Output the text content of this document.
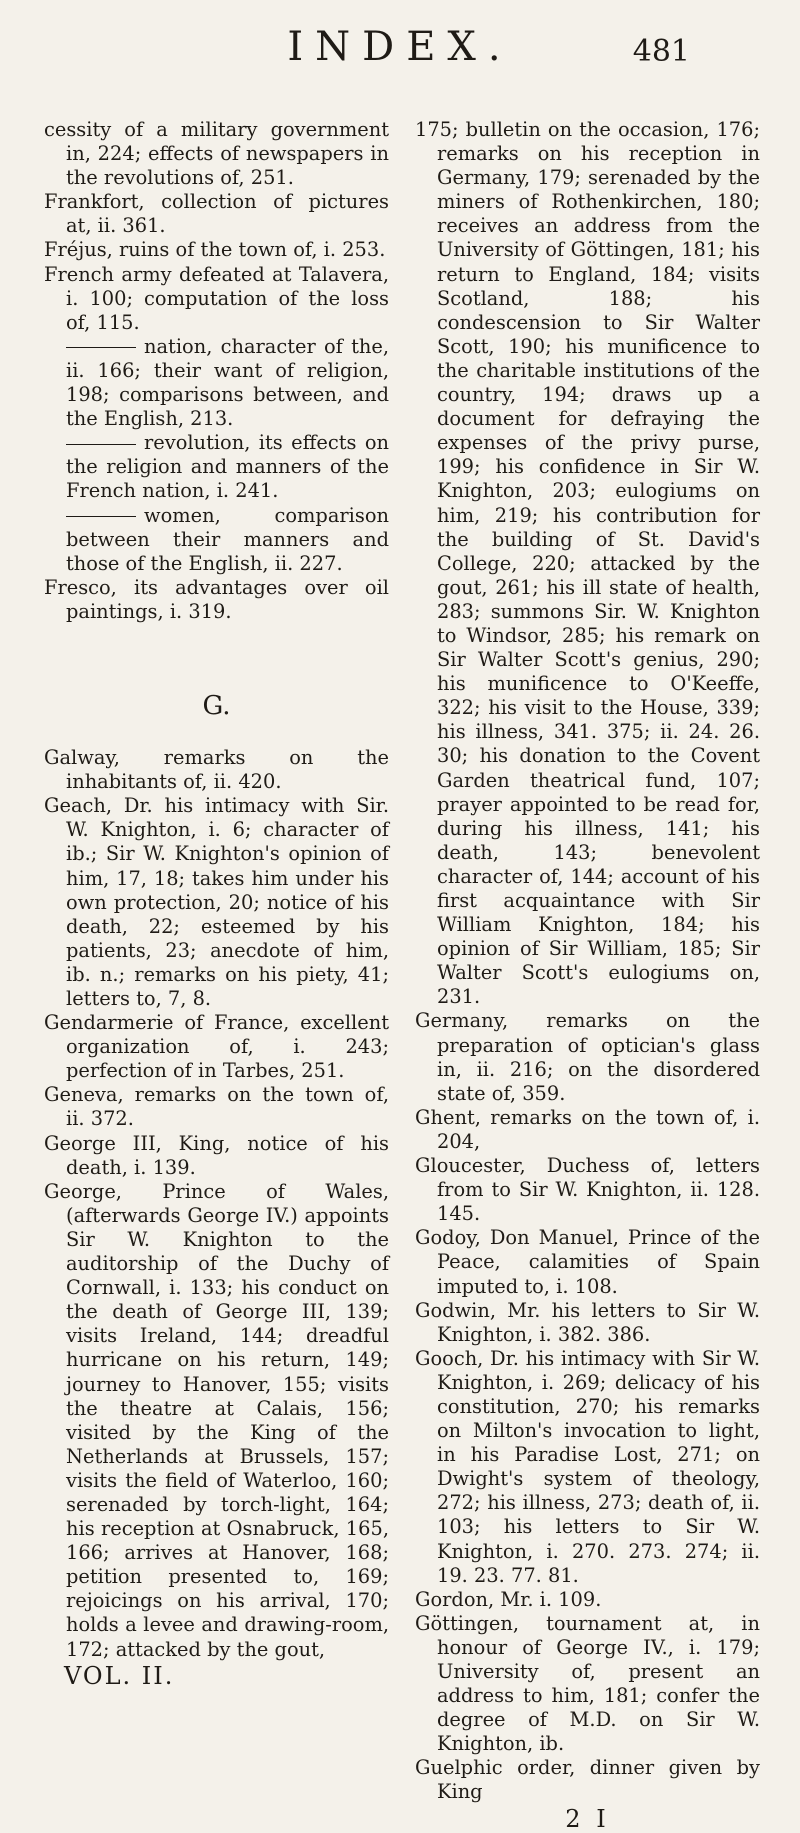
INDEX.	481

cessity of a military government in, 224; effects of newspapers in the revolutions of, 251.

Frankfort, collection of pictures at, ii. 361.

Fréjus, ruins of the town of, i. 253.

French army defeated at Talavera, i. 100; computation of the loss of, 115.

nation, character of the, ii. 166; their want of religion, 198; comparisons between, and the English, 213.

revolution, its effects on the religion and manners of the French nation, i. 241.

women, comparison between their manners and those of the English, ii. 227.

Fresco, its advantages over oil paintings, i. 319.

G.

Galway, remarks on the inhabitants of, ii. 420.

Geach, Dr. his intimacy with Sir. W. Knighton, i. 6; character of ib.; Sir W. Knighton's opinion of him, 17, 18; takes him under his own protection, 20; notice of his death, 22; esteemed by his patients, 23; anecdote of him, ib. n.; remarks on his piety, 41; letters to, 7, 8.

Gendarmerie of France, excellent organization of, i. 243; perfection of in Tarbes, 251.

Geneva, remarks on the town of, ii. 372.

George III, King, notice of his death, i. 139.

George, Prince of Wales, (afterwards George IV.) appoints Sir W. Knighton to the auditorship of the Duchy of Cornwall, i. 133; his conduct on the death of George III, 139; visits Ireland, 144; dreadful hurricane on his return, 149; journey to Hanover, 155; visits the theatre at Calais, 156; visited by the King of the Netherlands at Brussels, 157; visits the field of Waterloo, 160; serenaded by torch-light, 164; his reception at Osnabruck, 165, 166; arrives at Hanover, 168; petition presented to, 169; rejoicings on his arrival, 170; holds a levee and drawing-room, 172; attacked by the gout,

VOL. II.

175; bulletin on the occasion, 176; remarks on his reception in Germany, 179; serenaded by the miners of Rothenkirchen, 180; receives an address from the University of Göttingen, 181; his return to England, 184; visits Scotland, 188; his condescension to Sir Walter Scott, 190; his munificence to the charitable institutions of the country, 194; draws up a document for defraying the expenses of the privy purse, 199; his confidence in Sir W. Knighton, 203; eulogiums on him, 219; his contribution for the building of St. David's College, 220; attacked by the gout, 261; his ill state of health, 283; summons Sir. W. Knighton to Windsor, 285; his remark on Sir Walter Scott's genius, 290; his munificence to O'Keeffe, 322; his visit to the House, 339; his illness, 341. 375; ii. 24. 26. 30; his donation to the Covent Garden theatrical fund, 107; prayer appointed to be read for, during his illness, 141; his death, 143; benevolent character of, 144; account of his first acquaintance with Sir William Knighton, 184; his opinion of Sir William, 185; Sir Walter Scott's eulogiums on, 231.

Germany, remarks on the preparation of optician's glass in, ii. 216; on the disordered state of, 359.

Ghent, remarks on the town of, i. 204,

Gloucester, Duchess of, letters from to Sir W. Knighton, ii. 128. 145.

Godoy, Don Manuel, Prince of the Peace, calamities of Spain imputed to, i. 108.

Godwin, Mr. his letters to Sir W. Knighton, i. 382. 386.

Gooch, Dr. his intimacy with Sir W. Knighton, i. 269; delicacy of his constitution, 270; his remarks on Milton's invocation to light, in his Paradise Lost, 271; on Dwight's system of theology, 272; his illness, 273; death of, ii. 103; his letters to Sir W. Knighton, i. 270. 273. 274; ii. 19. 23. 77. 81.

Gordon, Mr. i. 109.

Göttingen, tournament at, in honour of George IV., i. 179; University of, present an address to him, 181; confer the degree of M.D. on Sir W. Knighton, ib.

Guelphic order, dinner given by King

2 I
